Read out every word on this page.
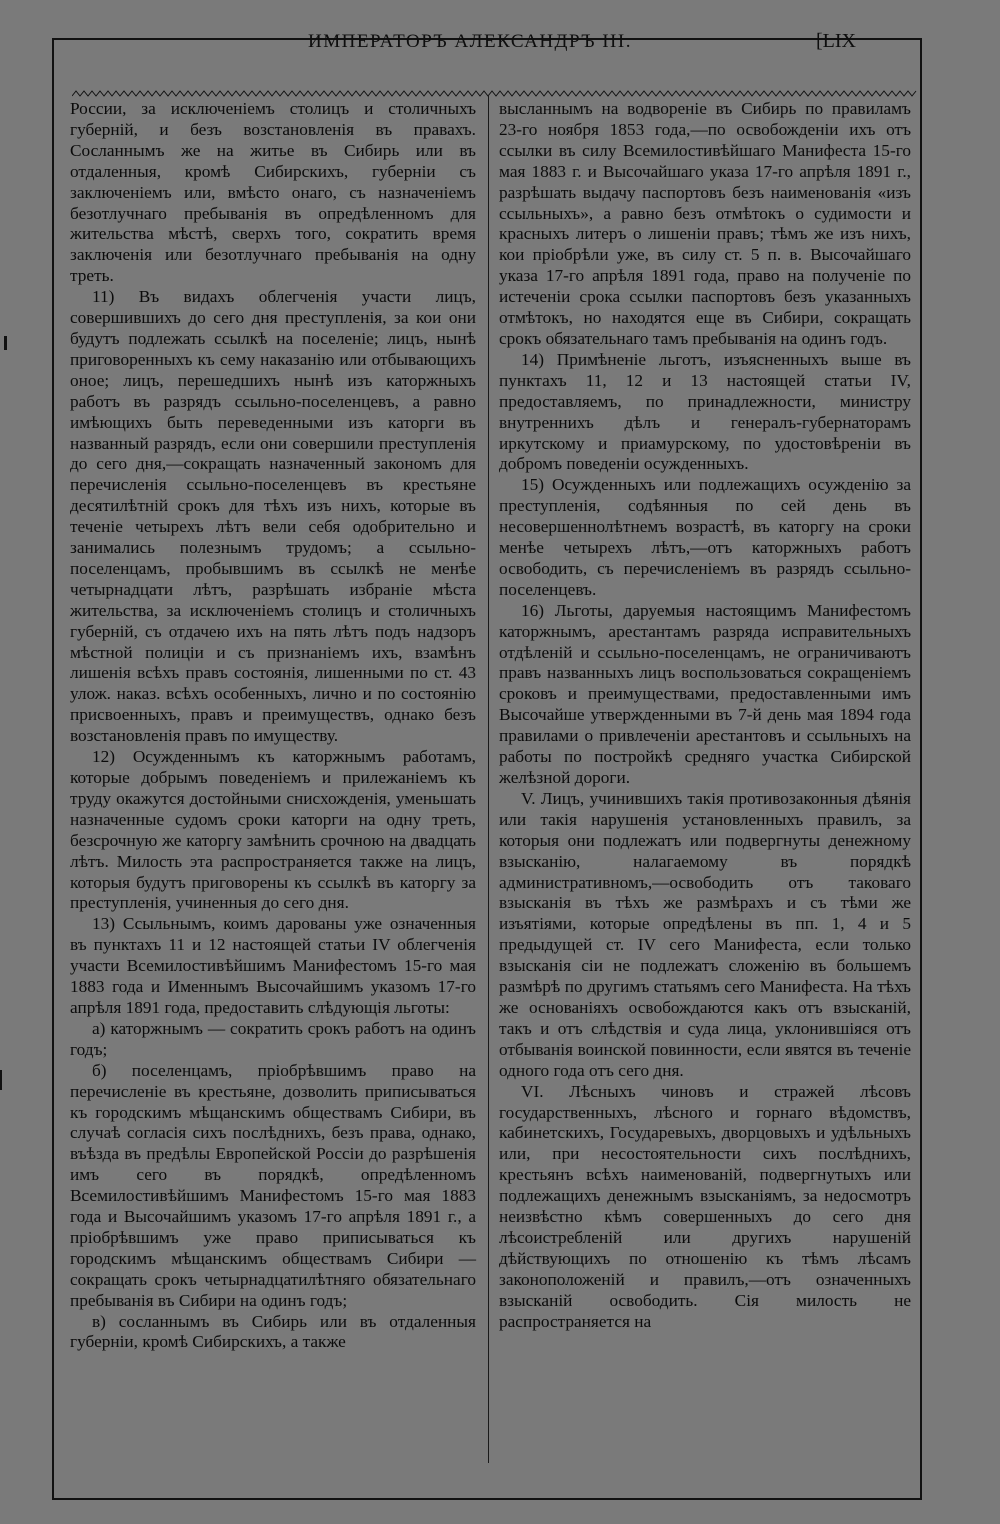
ИМПЕРАТОРЪ АЛЕКСАНДРЪ III.	[LIX

России, за исключеніемъ столицъ и столичныхъ губерній, и безъ возстановленія въ правахъ. Сосланнымъ же на житье въ Сибирь или въ отдаленныя, кромѣ Сибирскихъ, губерніи съ заключеніемъ или, вмѣсто онаго, съ назначеніемъ безотлучнаго пребыванія въ опредѣленномъ для жительства мѣстѣ, сверхъ того, сократить время заключенія или безотлучнаго пребыванія на одну треть.

11) Въ видахъ облегченія участи лицъ, совершившихъ до сего дня преступленія, за кои они будутъ подлежать ссылкѣ на поселеніе; лицъ, нынѣ приговоренныхъ къ сему наказанію или отбывающихъ оное; лицъ, перешедшихъ нынѣ изъ каторжныхъ работъ въ разрядъ ссыльно-поселенцевъ, а равно имѣющихъ быть переведенными изъ каторги въ названный разрядъ, если они совершили преступленія до сего дня,—сокращать назначенный закономъ для перечисленія ссыльно-поселенцевъ въ крестьяне десятилѣтній срокъ для тѣхъ изъ нихъ, которые въ теченіе четырехъ лѣтъ вели себя одобрительно и занимались полезнымъ трудомъ; а ссыльно-поселенцамъ, пробывшимъ въ ссылкѣ не менѣе четырнадцати лѣтъ, разрѣшать избраніе мѣста жительства, за исключеніемъ столицъ и столичныхъ губерній, съ отдачею ихъ на пять лѣтъ подъ надзоръ мѣстной полиціи и съ признаніемъ ихъ, взамѣнъ лишенія всѣхъ правъ состоянія, лишенными по ст. 43 улож. наказ. всѣхъ особенныхъ, лично и по состоянію присвоенныхъ, правъ и преимуществъ, однако безъ возстановленія правъ по имуществу.

12) Осужденнымъ къ каторжнымъ работамъ, которые добрымъ поведеніемъ и прилежаніемъ къ труду окажутся достойными снисхожденія, уменьшать назначенные судомъ сроки каторги на одну треть, безсрочную же каторгу замѣнить срочною на двадцать лѣтъ. Милость эта распространяется также на лицъ, которыя будутъ приговорены къ ссылкѣ въ каторгу за преступленія, учиненныя до сего дня.

13) Ссыльнымъ, коимъ дарованы уже означенныя въ пунктахъ 11 и 12 настоящей статьи IV облегченія участи Всемилостивѣйшимъ Манифестомъ 15-го мая 1883 года и Именнымъ Высочайшимъ указомъ 17-го апрѣля 1891 года, предоставить слѣдующія льготы:

а) каторжнымъ — сократить срокъ работъ на одинъ годъ;

б) поселенцамъ, пріобрѣвшимъ право на перечисленіе въ крестьяне, дозволить приписываться къ городскимъ мѣщанскимъ обществамъ Сибири, въ случаѣ согласія сихъ послѣднихъ, безъ права, однако, въѣзда въ предѣлы Европейской Россіи до разрѣшенія имъ сего въ порядкѣ, опредѣленномъ Всемилостивѣйшимъ Манифестомъ 15-го мая 1883 года и Высочайшимъ указомъ 17-го апрѣля 1891 г., а пріобрѣвшимъ уже право приписываться къ городскимъ мѣщанскимъ обществамъ Сибири — сокращать срокъ четырнадцатилѣтняго обязательнаго пребыванія въ Сибири на одинъ годъ;

в) сосланнымъ въ Сибирь или въ отдаленныя губерніи, кромѣ Сибирскихъ, а также

высланнымъ на водвореніе въ Сибирь по правиламъ 23-го ноября 1853 года,—по освобожденіи ихъ отъ ссылки въ силу Всемилостивѣйшаго Манифеста 15-го мая 1883 г. и Высочайшаго указа 17-го апрѣля 1891 г., разрѣшать выдачу паспортовъ безъ наименованія «изъ ссыльныхъ», а равно безъ отмѣтокъ о судимости и красныхъ литеръ о лишеніи правъ; тѣмъ же изъ нихъ, кои пріобрѣли уже, въ силу ст. 5 п. в. Высочайшаго указа 17-го апрѣля 1891 года, право на полученіе по истеченіи срока ссылки паспортовъ безъ указанныхъ отмѣтокъ, но находятся еще въ Сибири, сокращать срокъ обязательнаго тамъ пребыванія на одинъ годъ.

14) Примѣненіе льготъ, изъясненныхъ выше въ пунктахъ 11, 12 и 13 настоящей статьи IV, предоставляемъ, по принадлежности, министру внутреннихъ дѣлъ и генералъ-губернаторамъ иркутскому и приамурскому, по удостовѣреніи въ добромъ поведеніи осужденныхъ.

15) Осужденныхъ или подлежащихъ осужденію за преступленія, содѣянныя по сей день въ несовершеннолѣтнемъ возрастѣ, въ каторгу на сроки менѣе четырехъ лѣтъ,—отъ каторжныхъ работъ освободить, съ перечисленіемъ въ разрядъ ссыльно-поселенцевъ.

16) Льготы, даруемыя настоящимъ Манифестомъ каторжнымъ, арестантамъ разряда исправительныхъ отдѣленій и ссыльно-поселенцамъ, не ограничиваютъ правъ названныхъ лицъ воспользоваться сокращеніемъ сроковъ и преимуществами, предоставленными имъ Высочайше утвержденными въ 7-й день мая 1894 года правилами о привлеченіи арестантовъ и ссыльныхъ на работы по постройкѣ средняго участка Сибирской желѣзной дороги.

V. Лицъ, учинившихъ такія противозаконныя дѣянія или такія нарушенія установленныхъ правилъ, за которыя они подлежатъ или подвергнуты денежному взысканію, налагаемому въ порядкѣ административномъ,—освободить отъ таковаго взысканія въ тѣхъ же размѣрахъ и съ тѣми же изъятіями, которые опредѣлены въ пп. 1, 4 и 5 предыдущей ст. IV сего Манифеста, если только взысканія сіи не подлежатъ сложенію въ большемъ размѣрѣ по другимъ статьямъ сего Манифеста. На тѣхъ же основаніяхъ освобождаются какъ отъ взысканій, такъ и отъ слѣдствія и суда лица, уклонившіяся отъ отбыванія воинской повинности, если явятся въ теченіе одного года отъ сего дня.

VI. Лѣсныхъ чиновъ и стражей лѣсовъ государственныхъ, лѣсного и горнаго вѣдомствъ, кабинетскихъ, Государевыхъ, дворцовыхъ и удѣльныхъ или, при несостоятельности сихъ послѣднихъ, крестьянъ всѣхъ наименованій, подвергнутыхъ или подлежащихъ денежнымъ взысканіямъ, за недосмотръ неизвѣстно кѣмъ совершенныхъ до сего дня лѣсоистребленій или другихъ нарушеній дѣйствующихъ по отношенію къ тѣмъ лѣсамъ законоположеній и правилъ,—отъ означенныхъ взысканій освободить. Сія милость не распространяется на
